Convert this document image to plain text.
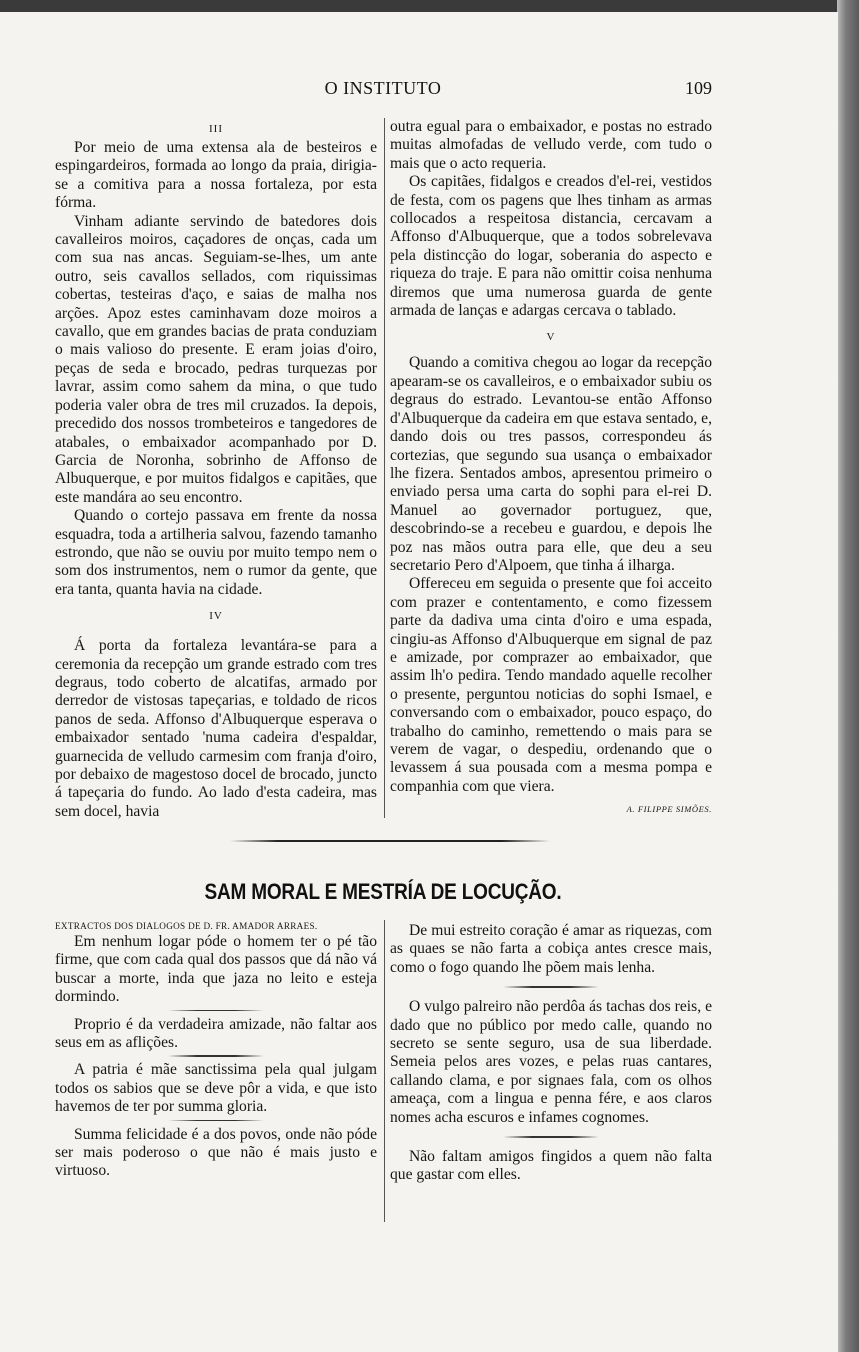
O INSTITUTO	109
III

Por meio de uma extensa ala de besteiros e espingardeiros, formada ao longo da praia, dirigia-se a comitiva para a nossa fortaleza, por esta fórma.

Vinham adiante servindo de batedores dois cavalleiros moiros, caçadores de onças, cada um com sua nas ancas. Seguiam-se-lhes, um ante outro, seis cavallos sellados, com riquissimas cobertas, testeiras d'aço, e saias de malha nos arções. Apoz estes caminhavam doze moiros a cavallo, que em grandes bacias de prata conduziam o mais valioso do presente. E eram joias d'oiro, peças de seda e brocado, pedras turquezas por lavrar, assim como sahem da mina, o que tudo poderia valer obra de tres mil cruzados. Ia depois, precedido dos nossos trombeteiros e tangedores de atabales, o embaixador acompanhado por D. Garcia de Noronha, sobrinho de Affonso de Albuquerque, e por muitos fidalgos e capitães, que este mandára ao seu encontro.

Quando o cortejo passava em frente da nossa esquadra, toda a artilheria salvou, fazendo tamanho estrondo, que não se ouviu por muito tempo nem o som dos instrumentos, nem o rumor da gente, que era tanta, quanta havia na cidade.

IV

Á porta da fortaleza levantára-se para a ceremonia da recepção um grande estrado com tres degraus, todo coberto de alcatifas, armado por derredor de vistosas tapeçarias, e toldado de ricos panos de seda. Affonso d'Albuquerque esperava o embaixador sentado 'numa cadeira d'espaldar, guarnecida de velludo carmesim com franja d'oiro, por debaixo de magestoso docel de brocado, juncto á tapeçaria do fundo. Ao lado d'esta cadeira, mas sem docel, havia

outra egual para o embaixador, e postas no estrado muitas almofadas de velludo verde, com tudo o mais que o acto requeria.

Os capitães, fidalgos e creados d'el-rei, vestidos de festa, com os pagens que lhes tinham as armas collocados a respeitosa distancia, cercavam a Affonso d'Albuquerque, que a todos sobrelevava pela distincção do logar, soberania do aspecto e riqueza do traje. E para não omittir coisa nenhuma diremos que uma numerosa guarda de gente armada de lanças e adargas cercava o tablado.

V

Quando a comitiva chegou ao logar da recepção apearam-se os cavalleiros, e o embaixador subiu os degraus do estrado. Levantou-se então Affonso d'Albuquerque da cadeira em que estava sentado, e, dando dois ou tres passos, correspondeu ás cortezias, que segundo sua usança o embaixador lhe fizera. Sentados ambos, apresentou primeiro o enviado persa uma carta do sophi para el-rei D. Manuel ao governador portuguez, que, descobrindo-se a recebeu e guardou, e depois lhe poz nas mãos outra para elle, que deu a seu secretario Pero d'Alpoem, que tinha á ilharga.

Offereceu em seguida o presente que foi acceito com prazer e contentamento, e como fizessem parte da dadiva uma cinta d'oiro e uma espada, cingiu-as Affonso d'Albuquerque em signal de paz e amizade, por comprazer ao embaixador, que assim lh'o pedira. Tendo mandado aquelle recolher o presente, perguntou noticias do sophi Ismael, e conversando com o embaixador, pouco espaço, do trabalho do caminho, remettendo o mais para se verem de vagar, o despediu, ordenando que o levassem á sua pousada com a mesma pompa e companhia com que viera.

A. FILIPPE SIMÕES.
SAM MORAL E MESTRÍA DE LOCUÇÃO.

EXTRACTOS DOS DIALOGOS DE D. FR. AMADOR ARRAES.

Em nenhum logar póde o homem ter o pé tão firme, que com cada qual dos passos que dá não vá buscar a morte, inda que jaza no leito e esteja dormindo.

Proprio é da verdadeira amizade, não faltar aos seus em as aflições.

A patria é mãe sanctissima pela qual julgam todos os sabios que se deve pôr a vida, e que isto havemos de ter por summa gloria.

Summa felicidade é a dos povos, onde não póde ser mais poderoso o que não é mais justo e virtuoso.

De mui estreito coração é amar as riquezas, com as quaes se não farta a cobiça antes cresce mais, como o fogo quando lhe põem mais lenha.

O vulgo palreiro não perdôa ás tachas dos reis, e dado que no público por medo calle, quando no secreto se sente seguro, usa de sua liberdade. Semeia pelos ares vozes, e pelas ruas cantares, callando clama, e por signaes fala, com os olhos ameaça, com a lingua e penna fére, e aos claros nomes acha escuros e infames cognomes.

Não faltam amigos fingidos a quem não falta que gastar com elles.
